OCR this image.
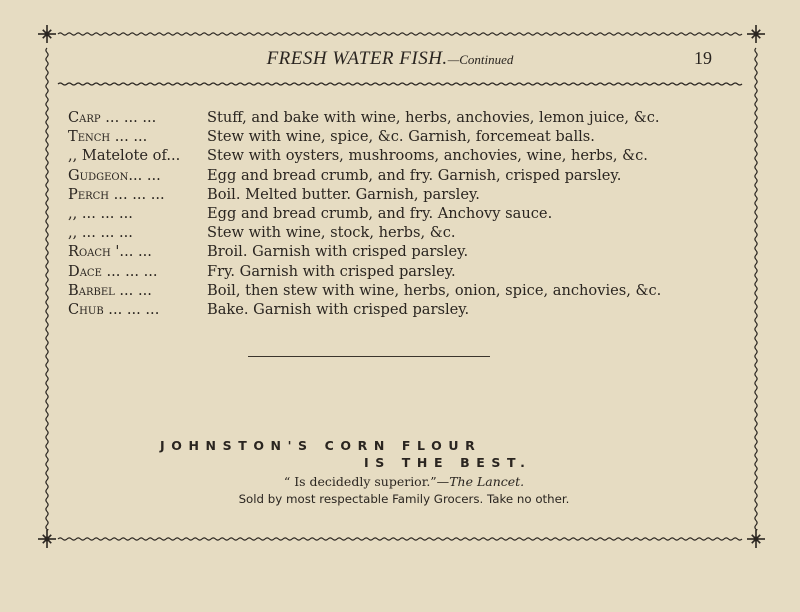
FRESH WATER FISH.—Continued	19
Carp ... ... ...	Stuff, and bake with wine, herbs, anchovies, lemon juice, &c.
Tench ... ...	Stew with wine, spice, &c. Garnish, forcemeat balls.
,, Matelote of...	Stew with oysters, mushrooms, anchovies, wine, herbs, &c.
Gudgeon... ...	Egg and bread crumb, and fry. Garnish, crisped parsley.
Perch ... ... ...	Boil. Melted butter. Garnish, parsley.
,, ... ... ...	Egg and bread crumb, and fry. Anchovy sauce.
,, ... ... ...	Stew with wine, stock, herbs, &c.
Roach '... ...	Broil. Garnish with crisped parsley.
Dace ... ... ...	Fry. Garnish with crisped parsley.
Barbel ... ...	Boil, then stew with wine, herbs, onion, spice, anchovies, &c.
Chub ... ... ...	Bake. Garnish with crisped parsley.
JOHNSTON'S CORN FLOUR
IS THE BEST.
“ Is decidedly superior.”—The Lancet.
Sold by most respectable Family Grocers. Take no other.
